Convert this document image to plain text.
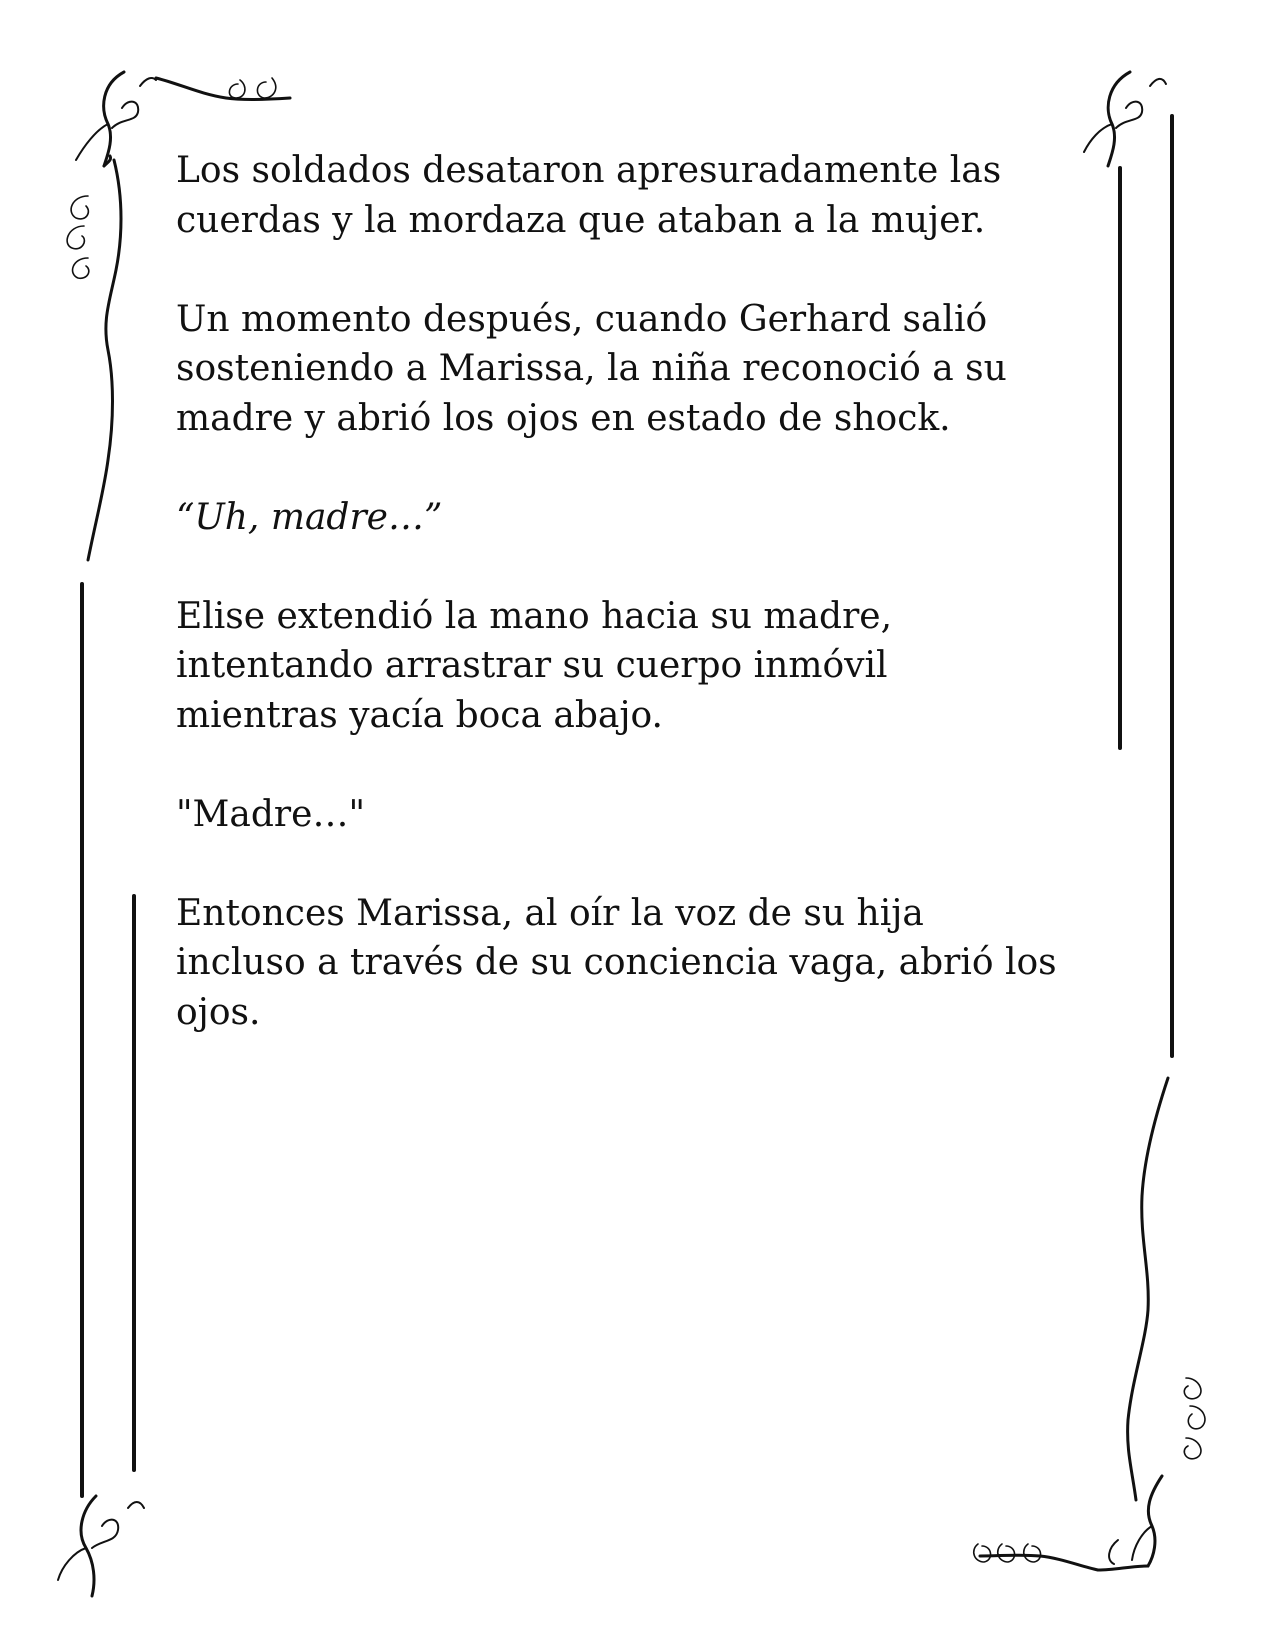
Los soldados desataron apresuradamente las
cuerdas y la mordaza que ataban a la mujer.

Un momento después, cuando Gerhard salió
sosteniendo a Marissa, la niña reconoció a su
madre y abrió los ojos en estado de shock.

“Uh, madre…”

Elise extendió la mano hacia su madre,
intentando arrastrar su cuerpo inmóvil
mientras yacía boca abajo.

"Madre…"

Entonces Marissa, al oír la voz de su hija
incluso a través de su conciencia vaga, abrió los
ojos.
